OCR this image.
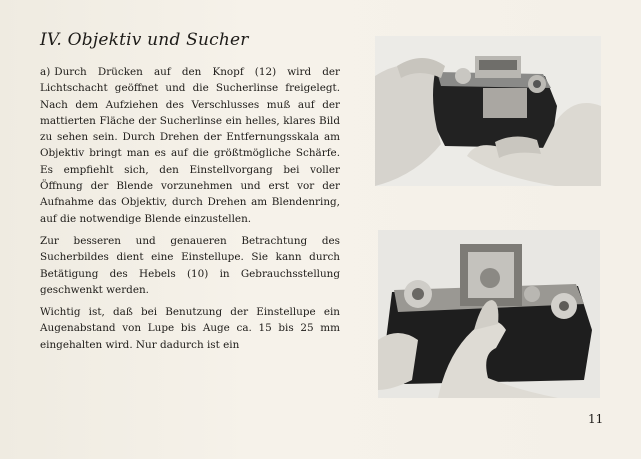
IV. Objektiv und Sucher

a) Durch Drücken auf den Knopf (12) wird der Lichtschacht geöffnet und die Sucherlinse freigelegt. Nach dem Aufziehen des Verschlusses muß auf der mattierten Fläche der Sucherlinse ein helles, klares Bild zu sehen sein. Durch Drehen der Entfernungsskala am Objektiv bringt man es auf die größtmögliche Schärfe. Es empfiehlt sich, den Einstellvorgang bei voller Öffnung der Blende vorzunehmen und erst vor der Aufnahme das Objektiv, durch Drehen am Blendenring, auf die notwendige Blende einzustellen.

Zur besseren und genaueren Betrachtung des Sucherbildes dient eine Einstellupe. Sie kann durch Betätigung des Hebels (10) in Gebrauchsstellung geschwenkt werden.

Wichtig ist, daß bei Benutzung der Einstellupe ein Augenabstand von Lupe bis Auge ca. 15 bis 25 mm eingehalten wird. Nur dadurch ist ein

11
